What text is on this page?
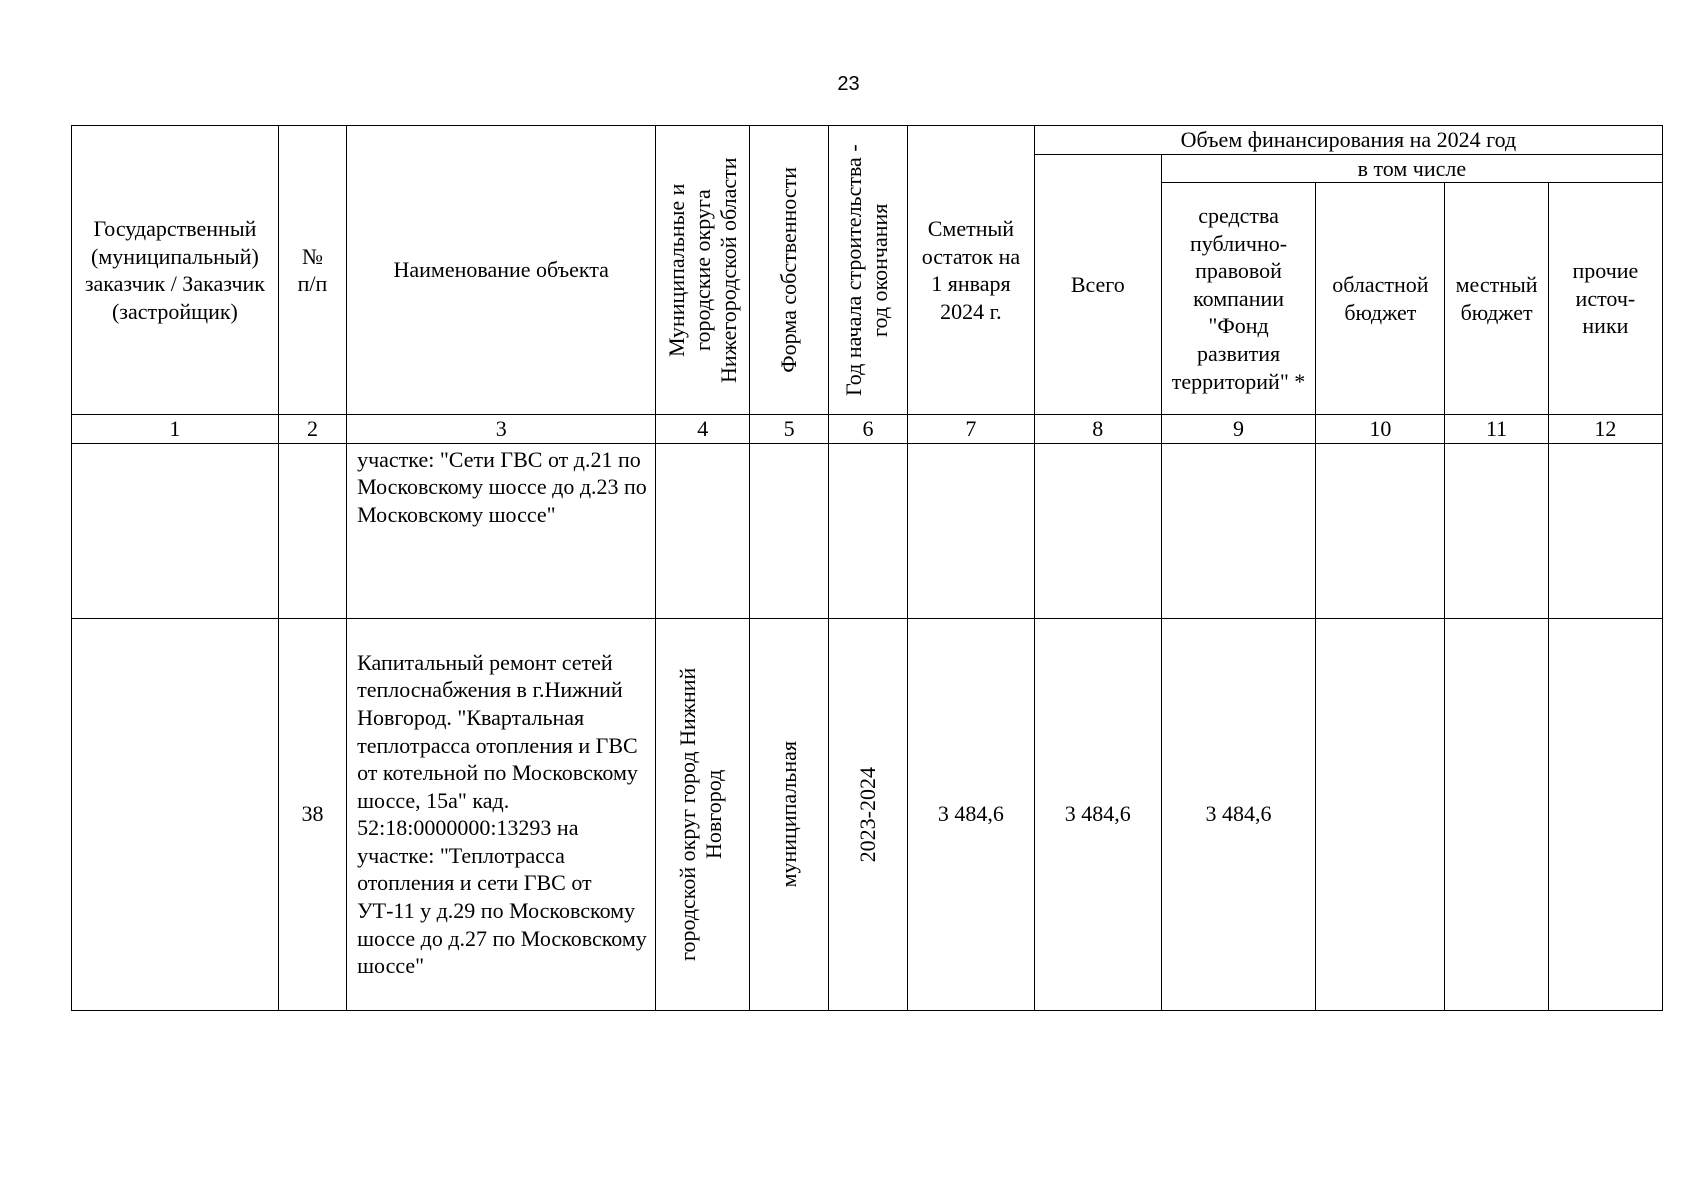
23
Государственный (муниципальный) заказчик / Заказчик (застройщик)	№ п/п	Наименование объекта	Муниципальные и городские округа Нижегородской области	Форма собственности	Год начала строительства - год окончания	Сметный остаток на 1 января 2024 г.	Объем финансирования на 2024 год				
							Всего	в том числе			
								средства публично-правовой компании "Фонд развития территорий" *	областной бюджет	местный бюджет	прочие источ-ники
1	2	3	4	5	6	7	8	9	10	11	12
		участке: "Сети ГВС от д.21 по Московскому шоссе до д.23 по Московскому шоссе"									
	38	Капитальный ремонт сетей теплоснабжения в г.Нижний Новгород. "Квартальная теплотрасса отопления и ГВС от котельной по Московскому шоссе, 15а" кад. 52:18:0000000:13293 на участке: "Теплотрасса отопления и сети ГВС от УТ-11 у д.29 по Московскому шоссе до д.27 по Московскому шоссе"	городской округ город Нижний Новгород	муниципальная	2023-2024	3 484,6	3 484,6	3 484,6			
